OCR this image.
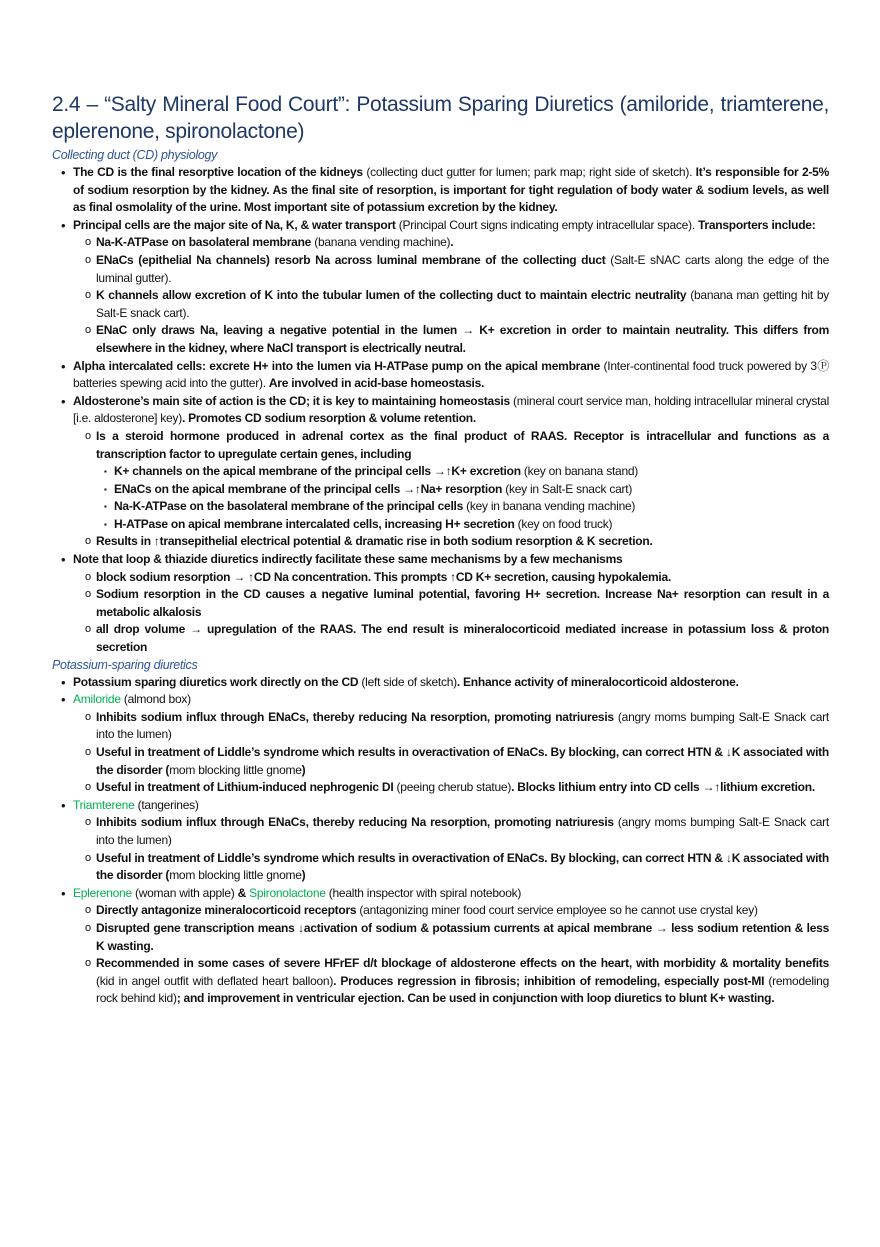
2.4 – “Salty Mineral Food Court”: Potassium Sparing Diuretics (amiloride, triamterene, eplerenone, spironolactone)
Collecting duct (CD) physiology
• The CD is the final resorptive location of the kidneys (collecting duct gutter for lumen; park map; right side of sketch). It’s responsible for 2-5% of sodium resorption by the kidney. As the final site of resorption, is important for tight regulation of body water & sodium levels, as well as final osmolality of the urine. Most important site of potassium excretion by the kidney.
• Principal cells are the major site of Na, K, & water transport (Principal Court signs indicating empty intracellular space). Transporters include:
o Na-K-ATPase on basolateral membrane (banana vending machine).
o ENaCs (epithelial Na channels) resorb Na across luminal membrane of the collecting duct (Salt-E sNAC carts along the edge of the luminal gutter).
o K channels allow excretion of K into the tubular lumen of the collecting duct to maintain electric neutrality (banana man getting hit by Salt-E snack cart).
o ENaC only draws Na, leaving a negative potential in the lumen → K+ excretion in order to maintain neutrality. This differs from elsewhere in the kidney, where NaCl transport is electrically neutral.
• Alpha intercalated cells: excrete H+ into the lumen via H-ATPase pump on the apical membrane (Inter-continental food truck powered by 3Ⓟ batteries spewing acid into the gutter). Are involved in acid-base homeostasis.
• Aldosterone’s main site of action is the CD; it is key to maintaining homeostasis (mineral court service man, holding intracellular mineral crystal [i.e. aldosterone] key). Promotes CD sodium resorption & volume retention.
o Is a steroid hormone produced in adrenal cortex as the final product of RAAS. Receptor is intracellular and functions as a transcription factor to upregulate certain genes, including
▪ K+ channels on the apical membrane of the principal cells →↑K+ excretion (key on banana stand)
▪ ENaCs on the apical membrane of the principal cells →↑Na+ resorption (key in Salt-E snack cart)
▪ Na-K-ATPase on the basolateral membrane of the principal cells (key in banana vending machine)
▪ H-ATPase on apical membrane intercalated cells, increasing H+ secretion (key on food truck)
o Results in ↑transepithelial electrical potential & dramatic rise in both sodium resorption & K secretion.
• Note that loop & thiazide diuretics indirectly facilitate these same mechanisms by a few mechanisms
o block sodium resorption → ↑CD Na concentration. This prompts ↑CD K+ secretion, causing hypokalemia.
o Sodium resorption in the CD causes a negative luminal potential, favoring H+ secretion. Increase Na+ resorption can result in a metabolic alkalosis
o all drop volume → upregulation of the RAAS. The end result is mineralocorticoid mediated increase in potassium loss & proton secretion
Potassium-sparing diuretics
• Potassium sparing diuretics work directly on the CD (left side of sketch). Enhance activity of mineralocorticoid aldosterone.
• Amiloride (almond box)
o Inhibits sodium influx through ENaCs, thereby reducing Na resorption, promoting natriuresis (angry moms bumping Salt-E Snack cart into the lumen)
o Useful in treatment of Liddle’s syndrome which results in overactivation of ENaCs. By blocking, can correct HTN & ↓K associated with the disorder (mom blocking little gnome)
o Useful in treatment of Lithium-induced nephrogenic DI (peeing cherub statue). Blocks lithium entry into CD cells →↑lithium excretion.
• Triamterene (tangerines)
o Inhibits sodium influx through ENaCs, thereby reducing Na resorption, promoting natriuresis (angry moms bumping Salt-E Snack cart into the lumen)
o Useful in treatment of Liddle’s syndrome which results in overactivation of ENaCs. By blocking, can correct HTN & ↓K associated with the disorder (mom blocking little gnome)
• Eplerenone (woman with apple) & Spironolactone (health inspector with spiral notebook)
o Directly antagonize mineralocorticoid receptors (antagonizing miner food court service employee so he cannot use crystal key)
o Disrupted gene transcription means ↓activation of sodium & potassium currents at apical membrane → less sodium retention & less K wasting.
o Recommended in some cases of severe HFrEF d/t blockage of aldosterone effects on the heart, with morbidity & mortality benefits (kid in angel outfit with deflated heart balloon). Produces regression in fibrosis; inhibition of remodeling, especially post-MI (remodeling rock behind kid); and improvement in ventricular ejection. Can be used in conjunction with loop diuretics to blunt K+ wasting.
